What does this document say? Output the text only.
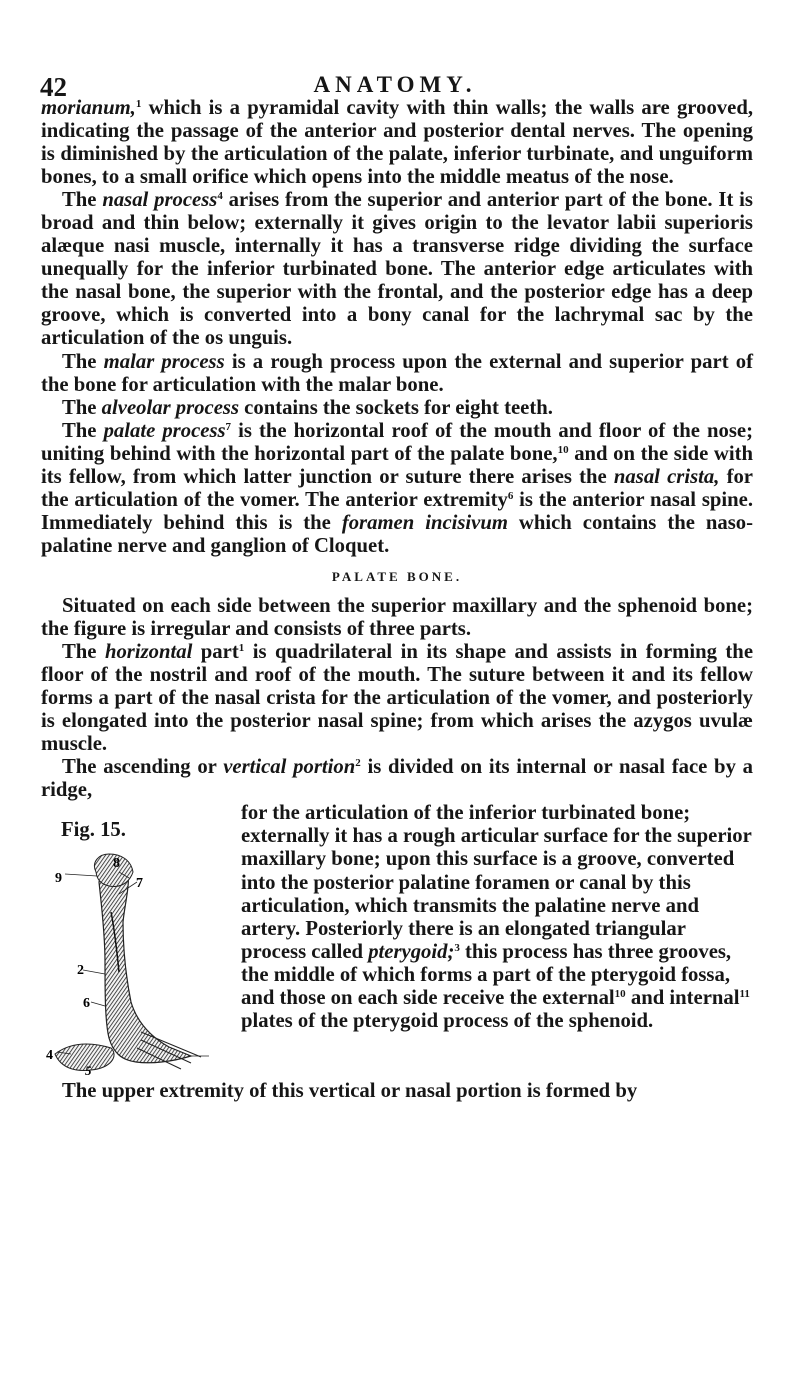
42	ANATOMY.

morianum,$^1$ which is a pyramidal cavity with thin walls; the walls are grooved, indicating the passage of the anterior and posterior dental nerves. The opening is diminished by the articulation of the palate, inferior turbinate, and unguiform bones, to a small orifice which opens into the middle meatus of the nose.

The nasal process$^4$ arises from the superior and anterior part of the bone. It is broad and thin below; externally it gives origin to the levator labii superioris alæque nasi muscle, internally it has a transverse ridge dividing the surface unequally for the inferior turbinated bone. The anterior edge articulates with the nasal bone, the superior with the frontal, and the posterior edge has a deep groove, which is converted into a bony canal for the lachrymal sac by the articulation of the os unguis.

The malar process is a rough process upon the external and superior part of the bone for articulation with the malar bone.

The alveolar process contains the sockets for eight teeth.

The palate process$^7$ is the horizontal roof of the mouth and floor of the nose; uniting behind with the horizontal part of the palate bone,$^{10}$ and on the side with its fellow, from which latter junction or suture there arises the nasal crista, for the articulation of the vomer. The anterior extremity$^6$ is the anterior nasal spine. Immediately behind this is the foramen incisivum which contains the naso-palatine nerve and ganglion of Cloquet.

PALATE BONE.

Situated on each side between the superior maxillary and the sphenoid bone; the figure is irregular and consists of three parts.

The horizontal part$^1$ is quadrilateral in its shape and assists in forming the floor of the nostril and roof of the mouth. The suture between it and its fellow forms a part of the nasal crista for the articulation of the vomer, and posteriorly is elongated into the posterior nasal spine; from which arises the azygos uvulæ muscle.

The ascending or vertical portion$^2$ is divided on its internal or nasal face by a ridge,

Fig. 15.
9
8
7
2
6
4
5
for the articulation of the inferior turbinated bone; externally it has a rough articular surface for the superior maxillary bone; upon this surface is a groove, converted into the posterior palatine foramen or canal by this articulation, which transmits the palatine nerve and artery. Posteriorly there is an elongated triangular process called pterygoid;$^3$ this process has three grooves, the middle of which forms a part of the pterygoid fossa, and those on each side receive the external$^{10}$ and internal$^{11}$ plates of the pterygoid process of the sphenoid.

The upper extremity of this vertical or nasal portion is formed by
